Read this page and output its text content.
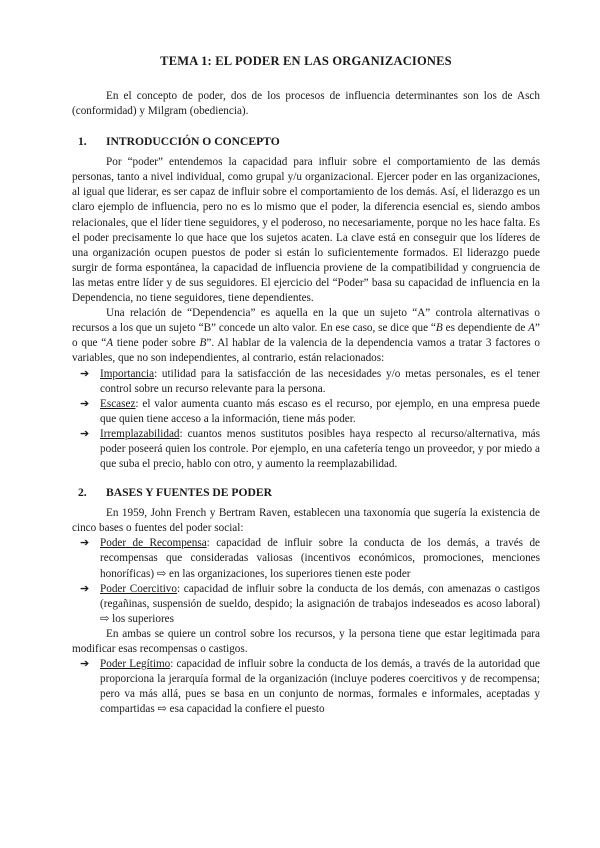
TEMA 1: EL PODER EN LAS ORGANIZACIONES

En el concepto de poder, dos de los procesos de influencia determinantes son los de Asch (conformidad) y Milgram (obediencia).

1.	INTRODUCCIÓN O CONCEPTO

Por “poder” entendemos la capacidad para influir sobre el comportamiento de las demás personas, tanto a nivel individual, como grupal y/u organizacional. Ejercer poder en las organizaciones, al igual que liderar, es ser capaz de influir sobre el comportamiento de los demás. Así, el liderazgo es un claro ejemplo de influencia, pero no es lo mismo que el poder, la diferencia esencial es, siendo ambos relacionales, que el líder tiene seguidores, y el poderoso, no necesariamente, porque no les hace falta. Es el poder precisamente lo que hace que los sujetos acaten. La clave está en conseguir que los líderes de una organización ocupen puestos de poder si están lo suficientemente formados. El liderazgo puede surgir de forma espontánea, la capacidad de influencia proviene de la compatibilidad y congruencia de las metas entre líder y de sus seguidores. El ejercicio del “Poder” basa su capacidad de influencia en la Dependencia, no tiene seguidores, tiene dependientes.

Una relación de “Dependencia” es aquella en la que un sujeto “A” controla alternativas o recursos a los que un sujeto “B” concede un alto valor. En ese caso, se dice que “B es dependiente de A” o que “A tiene poder sobre B”. Al hablar de la valencia de la dependencia vamos a tratar 3 factores o variables, que no son independientes, al contrario, están relacionados:

➔ Importancia: utilidad para la satisfacción de las necesidades y/o metas personales, es el tener control sobre un recurso relevante para la persona.
➔ Escasez: el valor aumenta cuanto más escaso es el recurso, por ejemplo, en una empresa puede que quien tiene acceso a la información, tiene más poder.
➔ Irremplazabilidad: cuantos menos sustitutos posibles haya respecto al recurso/alternativa, más poder poseerá quien los controle. Por ejemplo, en una cafetería tengo un proveedor, y por miedo a que suba el precio, hablo con otro, y aumento la reemplazabilidad.
2.	BASES Y FUENTES DE PODER

En 1959, John French y Bertram Raven, establecen una taxonomía que sugería la existencia de cinco bases o fuentes del poder social:

➔ Poder de Recompensa: capacidad de influir sobre la conducta de los demás, a través de recompensas que consideradas valiosas (incentivos económicos, promociones, menciones honoríficas) ⇨ en las organizaciones, los superiores tienen este poder
➔ Poder Coercitivo: capacidad de influir sobre la conducta de los demás, con amenazas o castigos (regañinas, suspensión de sueldo, despido; la asignación de trabajos indeseados es acoso laboral) ⇨ los superiores

En ambas se quiere un control sobre los recursos, y la persona tiene que estar legitimada para modificar esas recompensas o castigos.

➔ Poder Legítimo: capacidad de influir sobre la conducta de los demás, a través de la autoridad que proporciona la jerarquía formal de la organización (incluye poderes coercitivos y de recompensa; pero va más allá, pues se basa en un conjunto de normas, formales e informales, aceptadas y compartidas ⇨ esa capacidad la confiere el puesto
